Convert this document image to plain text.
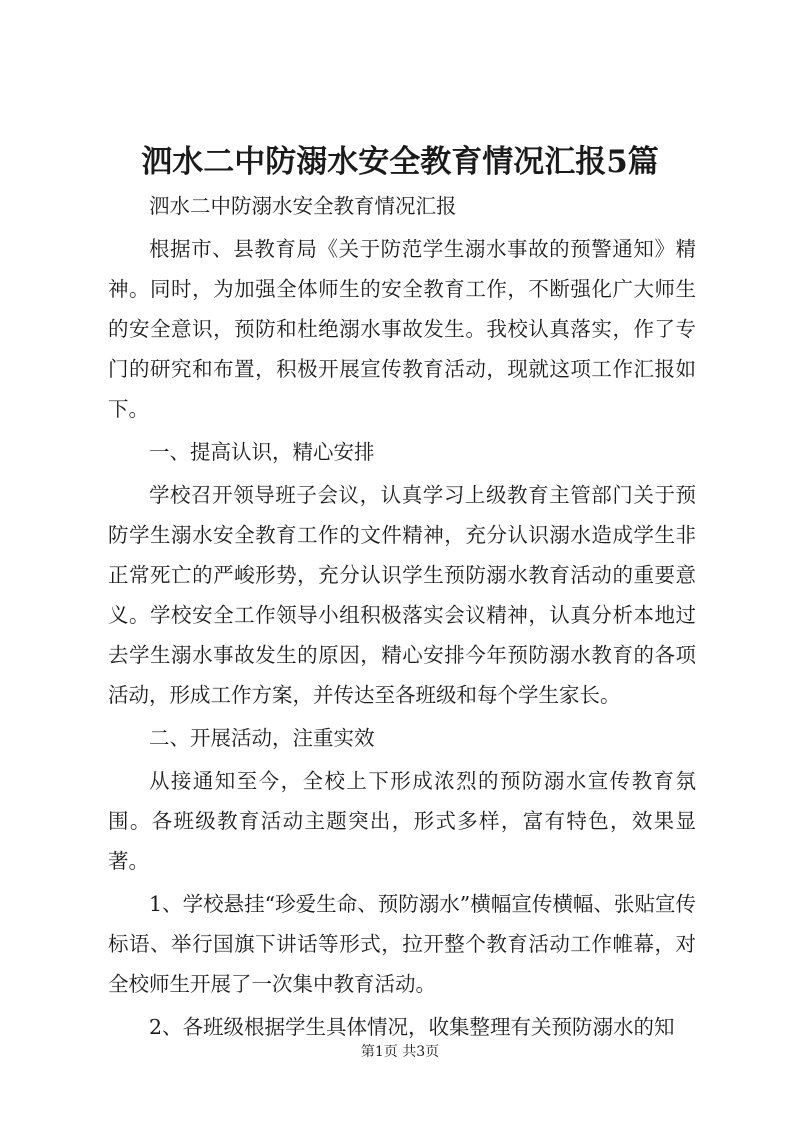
泗水二中防溺水安全教育情况汇报5篇

泗水二中防溺水安全教育情况汇报

根据市、县教育局《关于防范学生溺水事故的预警通知》精神。同时，为加强全体师生的安全教育工作，不断强化广大师生的安全意识，预防和杜绝溺水事故发生。我校认真落实，作了专门的研究和布置，积极开展宣传教育活动，现就这项工作汇报如下。

一、提高认识，精心安排

学校召开领导班子会议，认真学习上级教育主管部门关于预防学生溺水安全教育工作的文件精神，充分认识溺水造成学生非正常死亡的严峻形势，充分认识学生预防溺水教育活动的重要意义。学校安全工作领导小组积极落实会议精神，认真分析本地过去学生溺水事故发生的原因，精心安排今年预防溺水教育的各项活动，形成工作方案，并传达至各班级和每个学生家长。

二、开展活动，注重实效

从接通知至今，全校上下形成浓烈的预防溺水宣传教育氛围。各班级教育活动主题突出，形式多样，富有特色，效果显著。

1、学校悬挂“珍爱生命、预防溺水”横幅宣传横幅、张贴宣传标语、举行国旗下讲话等形式，拉开整个教育活动工作帷幕，对全校师生开展了一次集中教育活动。

2、各班级根据学生具体情况，收集整理有关预防溺水的知

第1页 共3页
